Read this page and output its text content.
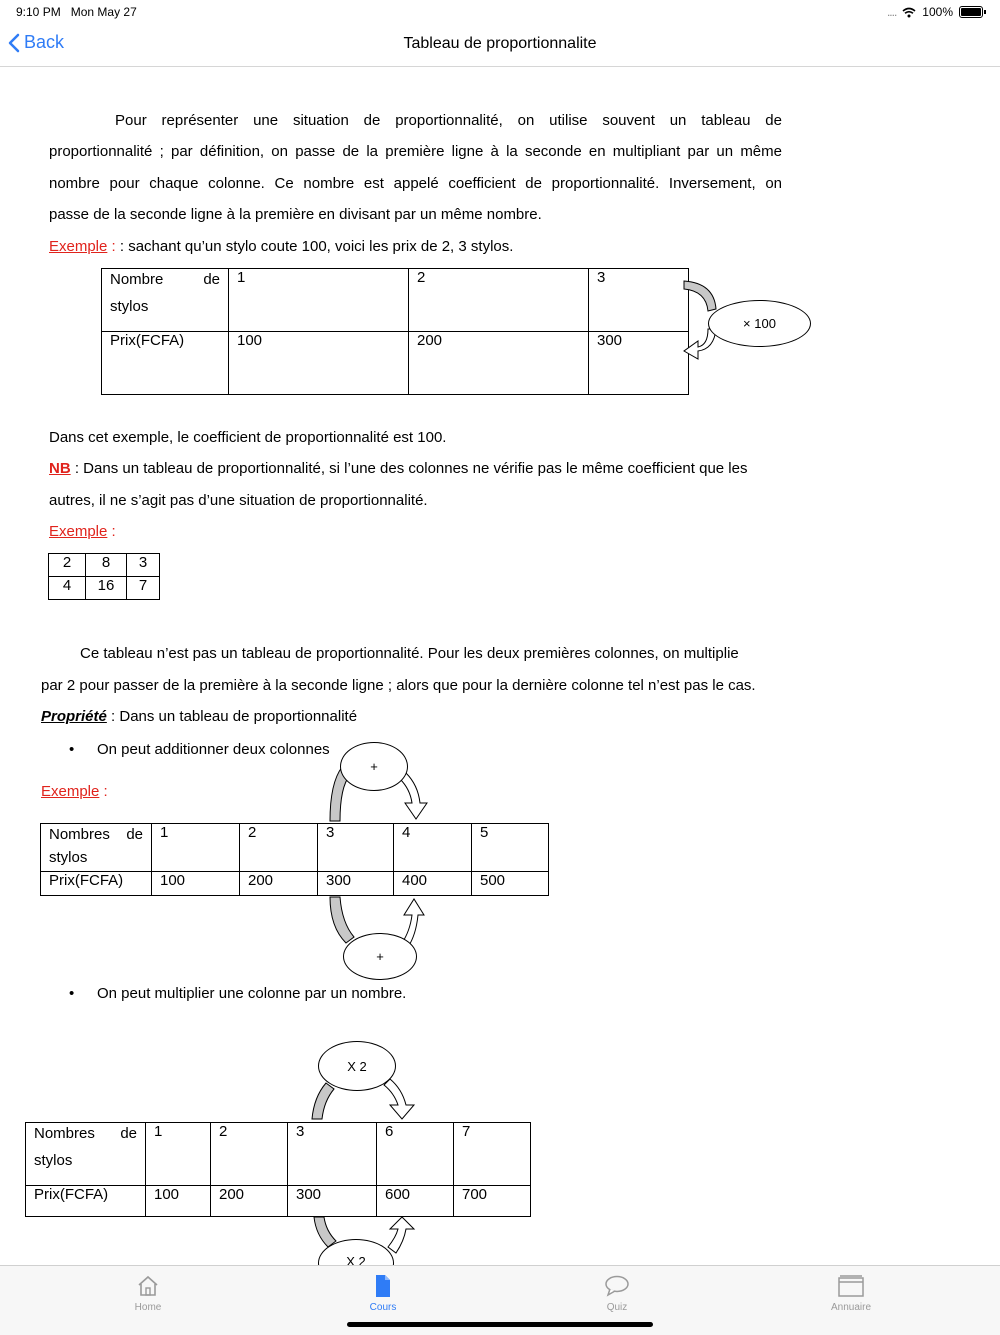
9:10 PM Mon May 27	.... 100%
Back	Tableau de proportionnalite
Pour représenter une situation de proportionnalité, on utilise souvent un tableau de
proportionnalité ; par définition, on passe de la première ligne à la seconde en multipliant par un même
nombre pour chaque colonne. Ce nombre est appelé coefficient de proportionnalité. Inversement, on
passe de la seconde ligne à la première en divisant par un même nombre.
Exemple : : sachant qu’un stylo coute 100, voici les prix de 2, 3 stylos.
Nombre de
stylos	1	2	3
Prix(FCFA)	100	200	300
Dans cet exemple, le coefficient de proportionnalité est 100.
NB : Dans un tableau de proportionnalité, si l’une des colonnes ne vérifie pas le même coefficient que les
autres, il ne s’agit pas d’une situation de proportionnalité.
Exemple :
2	8	3
4	16	7
Ce tableau n’est pas un tableau de proportionnalité. Pour les deux premières colonnes, on multiplie
par 2 pour passer de la première à la seconde ligne ; alors que pour la dernière colonne tel n’est pas le cas.
Propriété : Dans un tableau de proportionnalité
• On peut additionner deux colonnes
Exemple :
Nombres de
stylos	1	2	3	4	5
Prix(FCFA)	100	200	300	400	500
• On peut multiplier une colonne par un nombre.
Nombres de
stylos	1	2	3	6	7
Prix(FCFA)	100	200	300	600	700
× 100
+
+
X 2
X 2
Home	Cours	Quiz	Annuaire
